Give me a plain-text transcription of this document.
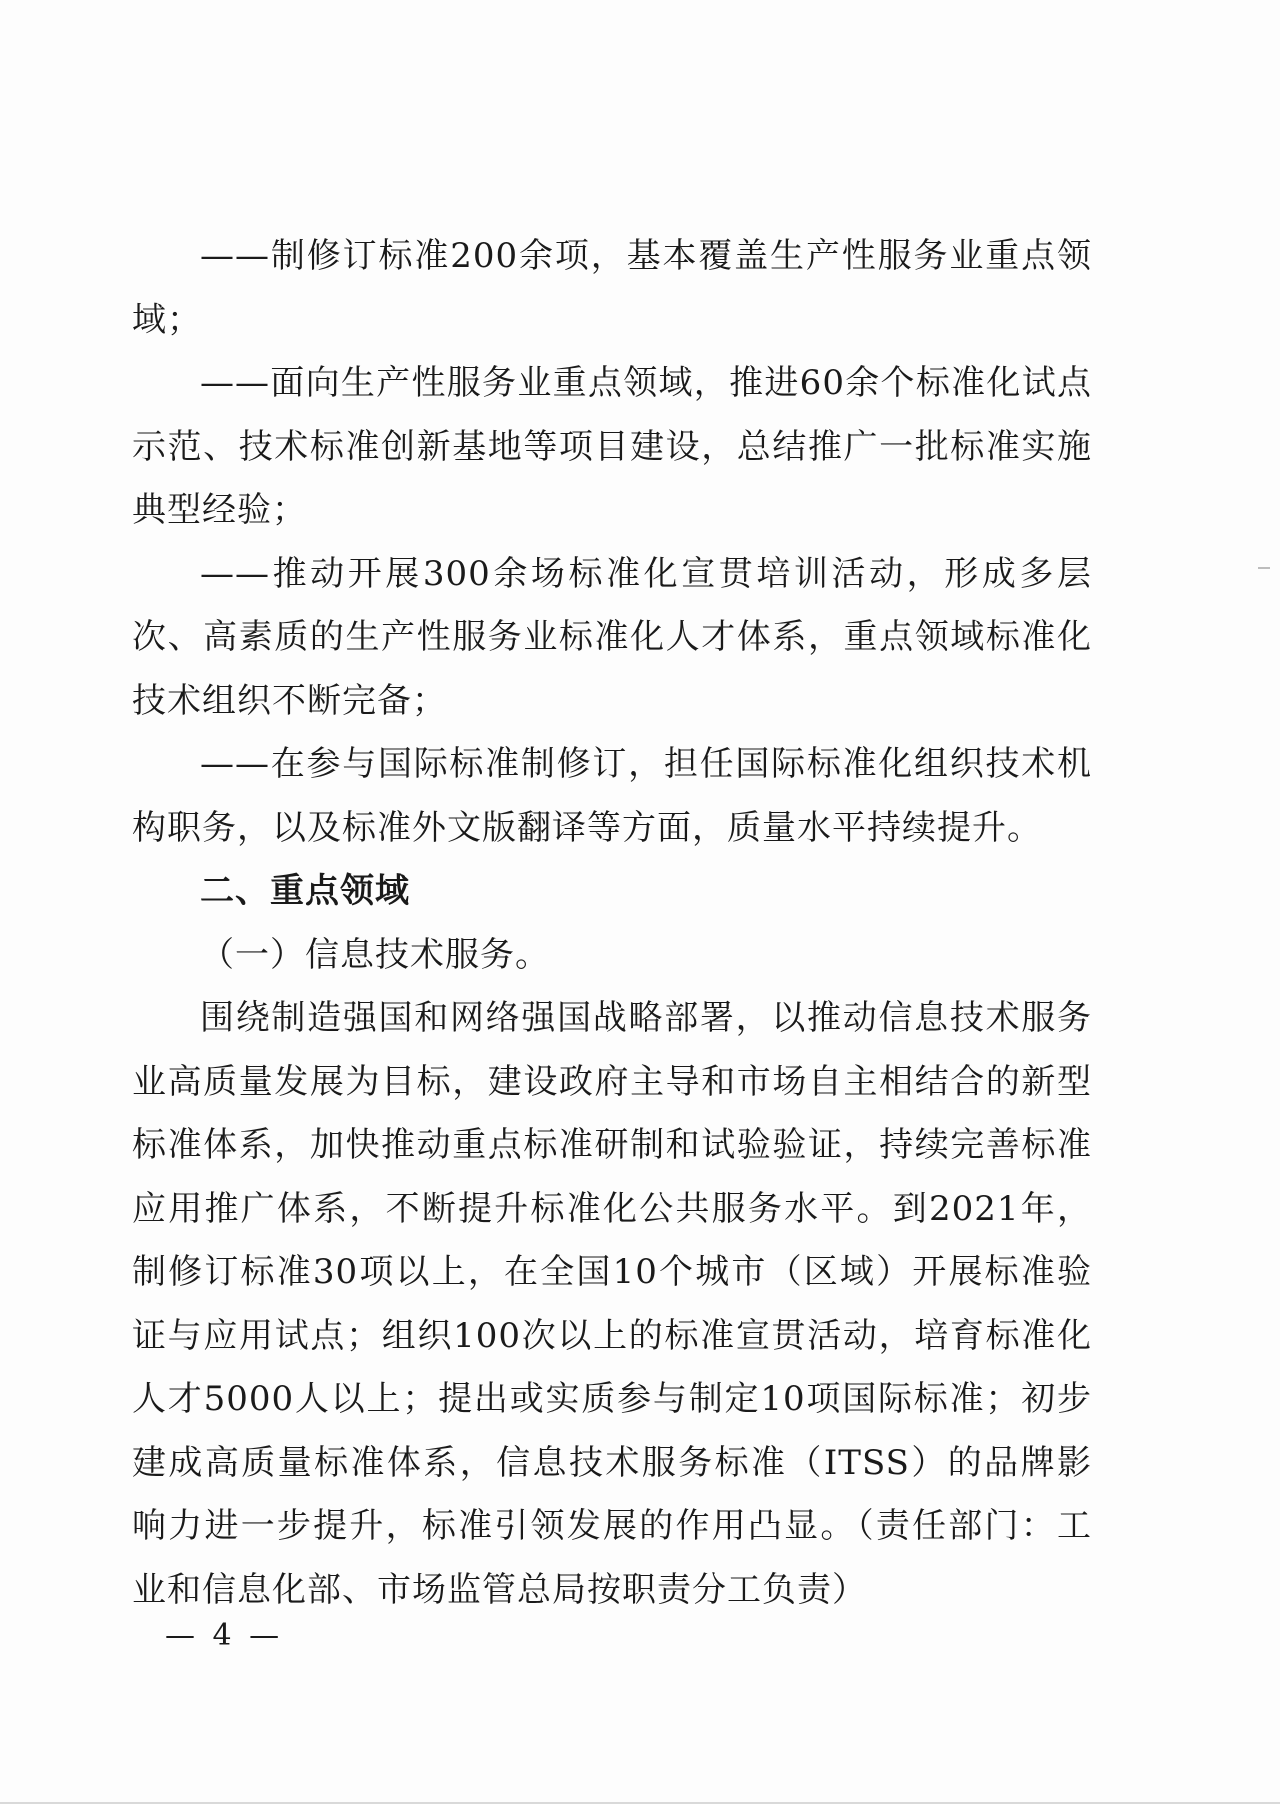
——制修订标准200余项，基本覆盖生产性服务业重点领域；

——面向生产性服务业重点领域，推进60余个标准化试点示范、技术标准创新基地等项目建设，总结推广一批标准实施典型经验；

——推动开展300余场标准化宣贯培训活动，形成多层次、高素质的生产性服务业标准化人才体系，重点领域标准化技术组织不断完备；

——在参与国际标准制修订，担任国际标准化组织技术机构职务，以及标准外文版翻译等方面，质量水平持续提升。

二、重点领域

（一）信息技术服务。

围绕制造强国和网络强国战略部署，以推动信息技术服务业高质量发展为目标，建设政府主导和市场自主相结合的新型标准体系，加快推动重点标准研制和试验验证，持续完善标准应用推广体系，不断提升标准化公共服务水平。到2021年，制修订标准30项以上，在全国10个城市（区域）开展标准验证与应用试点；组织100次以上的标准宣贯活动，培育标准化人才5000人以上；提出或实质参与制定10项国际标准；初步建成高质量标准体系，信息技术服务标准（ITSS）的品牌影响力进一步提升，标准引领发展的作用凸显。（责任部门：工业和信息化部、市场监管总局按职责分工负责）

— 4 —
